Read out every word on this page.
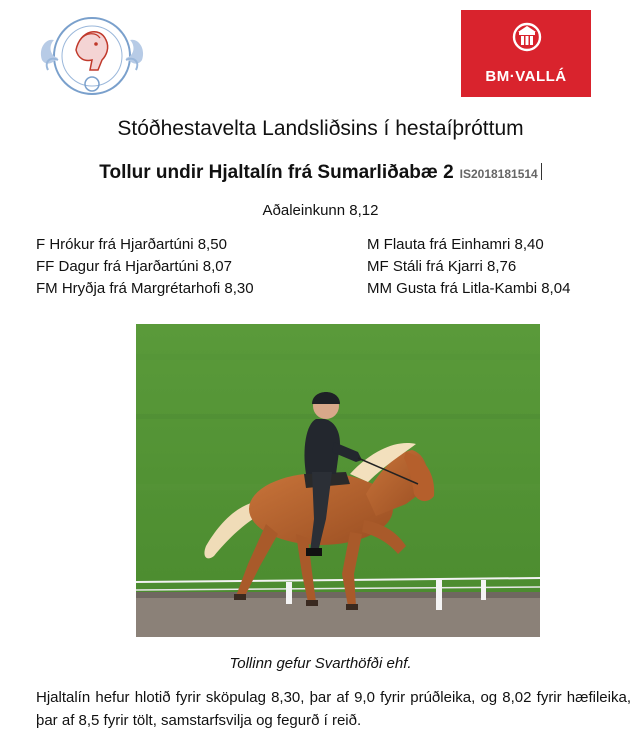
BM·VALLÁ
Stóðhestavelta Landsliðsins í hestaíþróttum
Tollur undir Hjaltalín frá Sumarliðabæ 2 IS2018181514
Aðaleinkunn 8,12
F Hrókur frá Hjarðartúni 8,50
FF Dagur frá Hjarðartúni 8,07
FM Hryðja frá Margrétarhofi 8,30
M Flauta frá Einhamri 8,40
MF Stáli frá Kjarri 8,76
MM Gusta frá Litla-Kambi 8,04
Tollinn gefur Svarthöfði ehf.
Hjaltalín hefur hlotið fyrir sköpulag 8,30, þar af 9,0 fyrir prúðleika, og 8,02 fyrir hæfileika, þar af 8,5 fyrir tölt, samstarfsvilja og fegurð í reið.
